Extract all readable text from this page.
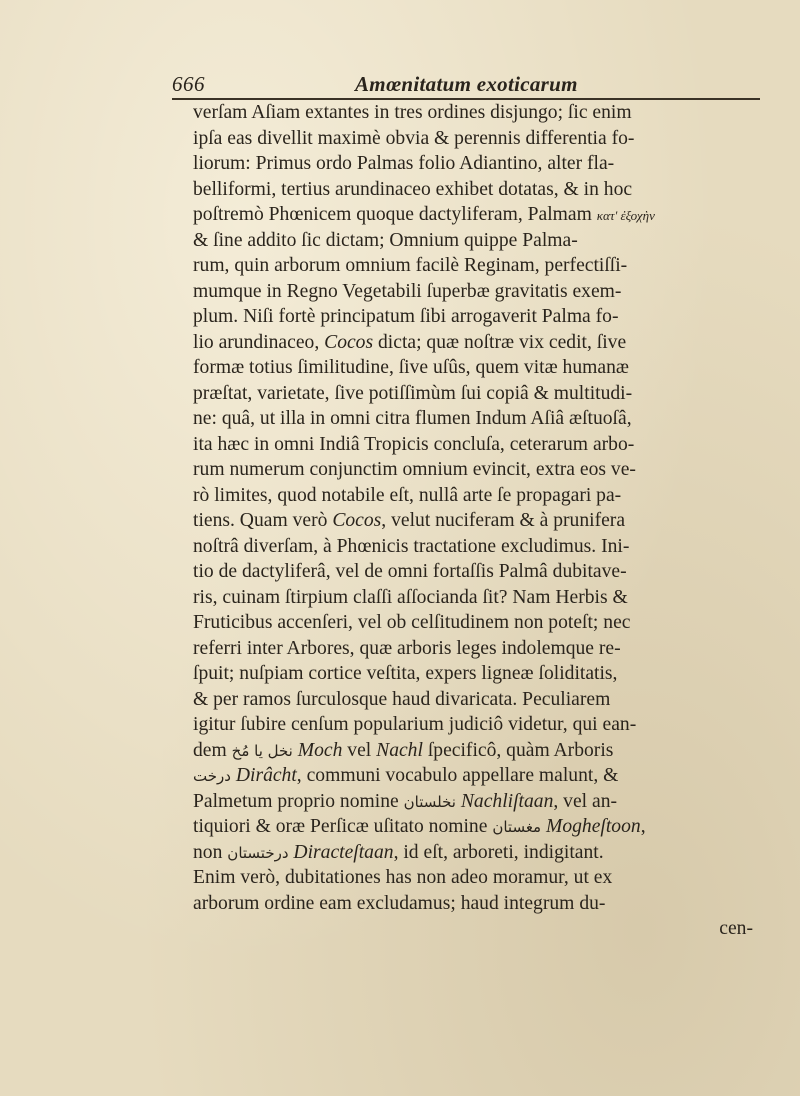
666	Amœnitatum exoticarum
verſam Aſiam extantes in tres ordines disjungo; ſic enim
ipſa eas divellit maximè obvia & perennis differentia fo-
liorum: Primus ordo Palmas folio Adiantino, alter fla-
belliformi, tertius arundinaceo exhibet dotatas, & in hoc
poſtremò Phœnicem quoque dactyliferam, Palmam κατ' ἐξοχὴν
& ſine addito ſic dictam; Omnium quippe Palma-
rum, quin arborum omnium facilè Reginam, perfectiſſi-
mumque in Regno Vegetabili ſuperbæ gravitatis exem-
plum. Niſi fortè principatum ſibi arrogaverit Palma fo-
lio arundinaceo, Cocos dicta; quæ noſtræ vix cedit, ſive
formæ totius ſimilitudine, ſive uſûs, quem vitæ humanæ
præſtat, varietate, ſive potiſſimùm ſui copiâ & multitudi-
ne: quâ, ut illa in omni citra flumen Indum Aſiâ æſtuoſâ,
ita hæc in omni Indiâ Tropicis concluſa, ceterarum arbo-
rum numerum conjunctim omnium evincit, extra eos ve-
rò limites, quod notabile eſt, nullâ arte ſe propagari pa-
tiens. Quam verò Cocos, velut nuciferam & à prunifera
noſtrâ diverſam, à Phœnicis tractatione excludimus. Ini-
tio de dactyliferâ, vel de omni fortaſſis Palmâ dubitave-
ris, cuinam ſtirpium claſſi aſſocianda ſit? Nam Herbis &
Fruticibus accenſeri, vel ob celſitudinem non poteſt; nec
referri inter Arbores, quæ arboris leges indolemque re-
ſpuit; nuſpiam cortice veſtita, expers ligneæ ſoliditatis,
& per ramos ſurculosque haud divaricata. Peculiarem
igitur ſubire cenſum popularium judiciô videtur, qui ean-
dem نخل يا مُخ Moch vel Nachl ſpecificô, quàm Arboris
درخت Dirâcht, communi vocabulo appellare malunt, &
Palmetum proprio nomine نخلستان Nachliſtaan, vel an-
tiquiori & oræ Perſicæ uſitato nomine مغستان Mogheſtoon,
non درختستان Diracteſtaan, id eſt, arboreti, indigitant.
Enim verò, dubitationes has non adeo moramur, ut ex
arborum ordine eam excludamus; haud integrum du-
cen-
